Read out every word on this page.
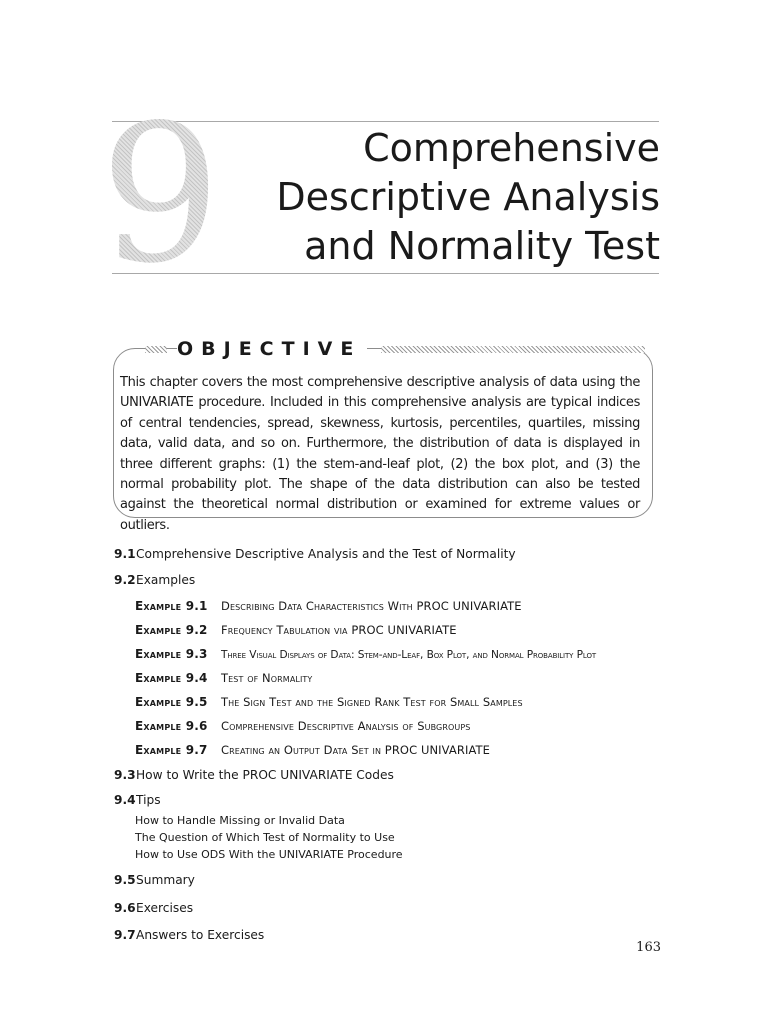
9	Comprehensive
Descriptive Analysis
and Normality Test
OBJECTIVE

This chapter covers the most comprehensive descriptive analysis of data using the UNIVARIATE procedure. Included in this comprehensive analysis are typical indices of central tendencies, spread, skewness, kurtosis, percentiles, quartiles, missing data, valid data, and so on. Furthermore, the distribution of data is displayed in three different graphs: (1) the stem-and-leaf plot, (2) the box plot, and (3) the normal probability plot. The shape of the data distribution can also be tested against the theoretical normal distribution or examined for extreme values or outliers.

9.1 Comprehensive Descriptive Analysis and the Test of Normality
9.2 Examples
Example 9.1	Describing Data Characteristics With PROC UNIVARIATE
Example 9.2	Frequency Tabulation via PROC UNIVARIATE
Example 9.3	Three Visual Displays of Data: Stem-and-Leaf, Box Plot, and Normal Probability Plot
Example 9.4	Test of Normality
Example 9.5	The Sign Test and the Signed Rank Test for Small Samples
Example 9.6	Comprehensive Descriptive Analysis of Subgroups
Example 9.7	Creating an Output Data Set in PROC UNIVARIATE
9.3 How to Write the PROC UNIVARIATE Codes
9.4 Tips
How to Handle Missing or Invalid Data
The Question of Which Test of Normality to Use
How to Use ODS With the UNIVARIATE Procedure
9.5 Summary
9.6 Exercises
9.7 Answers to Exercises
163
